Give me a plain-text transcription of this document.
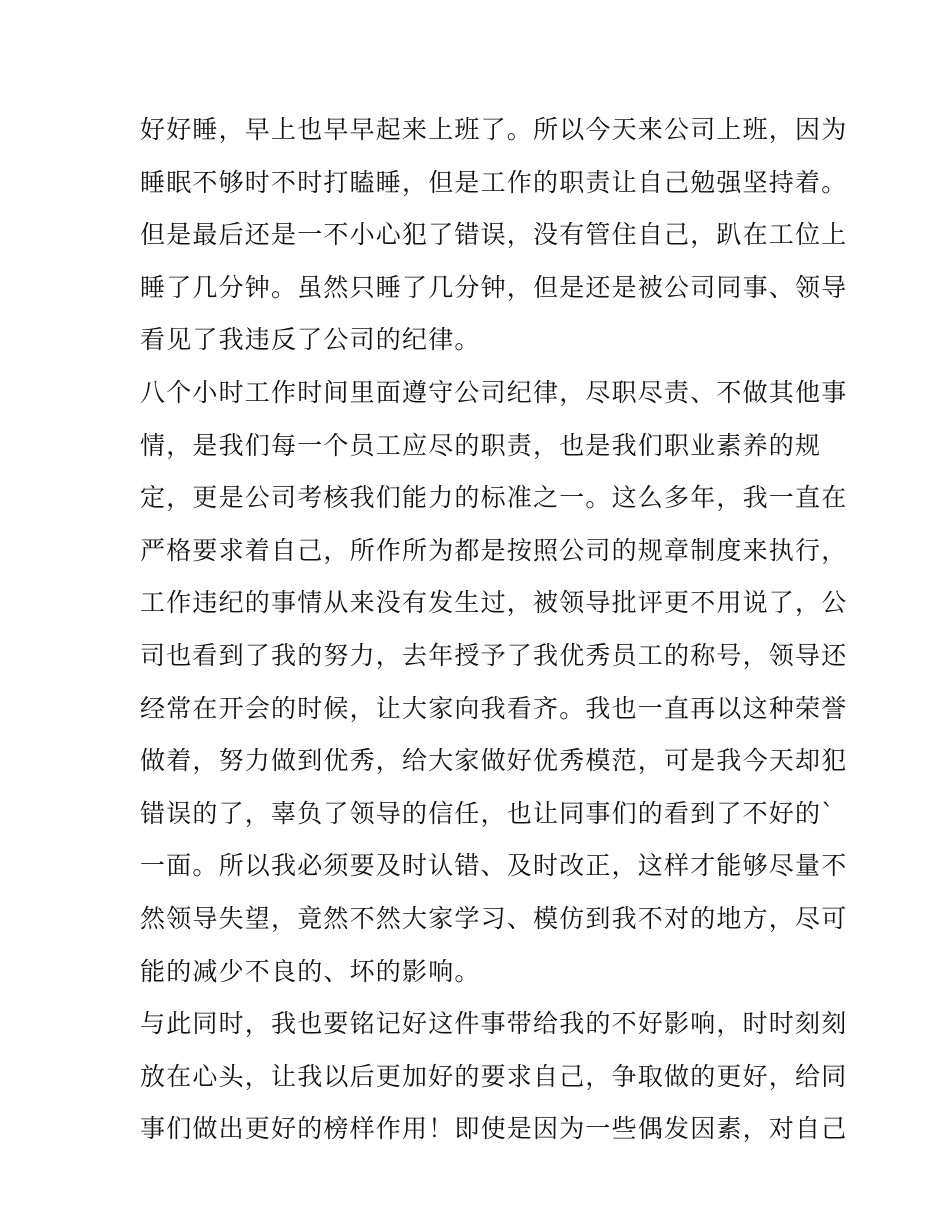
好好睡，早上也早早起来上班了。所以今天来公司上班，因为
睡眠不够时不时打瞌睡，但是工作的职责让自己勉强坚持着。
但是最后还是一不小心犯了错误，没有管住自己，趴在工位上
睡了几分钟。虽然只睡了几分钟，但是还是被公司同事、领导
看见了我违反了公司的纪律。
八个小时工作时间里面遵守公司纪律，尽职尽责、不做其他事
情，是我们每一个员工应尽的职责，也是我们职业素养的规
定，更是公司考核我们能力的标准之一。这么多年，我一直在
严格要求着自己，所作所为都是按照公司的规章制度来执行，
工作违纪的事情从来没有发生过，被领导批评更不用说了，公
司也看到了我的努力，去年授予了我优秀员工的称号，领导还
经常在开会的时候，让大家向我看齐。我也一直再以这种荣誉
做着，努力做到优秀，给大家做好优秀模范，可是我今天却犯
错误的了，辜负了领导的信任，也让同事们的看到了不好的`
一面。所以我必须要及时认错、及时改正，这样才能够尽量不
然领导失望，竟然不然大家学习、模仿到我不对的地方，尽可
能的减少不良的、坏的影响。
与此同时，我也要铭记好这件事带给我的不好影响，时时刻刻
放在心头，让我以后更加好的要求自己，争取做的更好，给同
事们做出更好的榜样作用！即使是因为一些偶发因素，对自己
